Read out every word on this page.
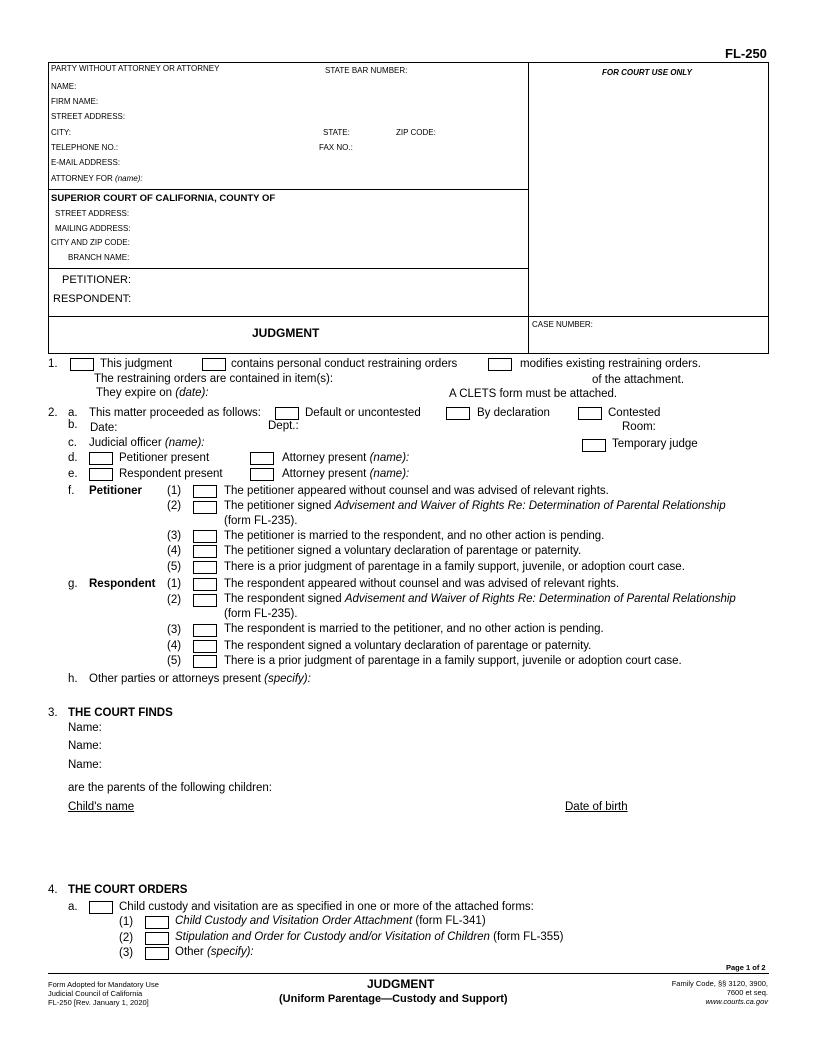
FL-250
PARTY WITHOUT ATTORNEY OR ATTORNEY	STATE BAR NUMBER:	FOR COURT USE ONLY
NAME:
FIRM NAME:
STREET ADDRESS:
CITY:	STATE:	ZIP CODE:
TELEPHONE NO.:	FAX NO.:
E-MAIL ADDRESS:
ATTORNEY FOR (name):
SUPERIOR COURT OF CALIFORNIA, COUNTY OF
STREET ADDRESS:
MAILING ADDRESS:
CITY AND ZIP CODE:
BRANCH NAME:
PETITIONER:
RESPONDENT:
JUDGMENT
CASE NUMBER:
1.	This judgment	contains personal conduct restraining orders	modifies existing restraining orders.
The restraining orders are contained in item(s):	of the attachment.
They expire on (date):	A CLETS form must be attached.
2. a. This matter proceeded as follows:	Default or uncontested	By declaration	Contested
b. Date:	Dept.:	Room:
c. Judicial officer (name):	Temporary judge
d.	Petitioner present	Attorney present (name):
e.	Respondent present	Attorney present (name):
f. Petitioner (1)	The petitioner appeared without counsel and was advised of relevant rights.
(2)	The petitioner signed Advisement and Waiver of Rights Re: Determination of Parental Relationship
(form FL-235).
(3)	The petitioner is married to the respondent, and no other action is pending.
(4)	The petitioner signed a voluntary declaration of parentage or paternity.
(5)	There is a prior judgment of parentage in a family support, juvenile, or adoption court case.
g. Respondent (1)	The respondent appeared without counsel and was advised of relevant rights.
(2)	The respondent signed Advisement and Waiver of Rights Re: Determination of Parental Relationship
(form FL-235).
(3)	The respondent is married to the petitioner, and no other action is pending.
(4)	The respondent signed a voluntary declaration of parentage or paternity.
(5)	There is a prior judgment of parentage in a family support, juvenile or adoption court case.
h. Other parties or attorneys present (specify):
3. THE COURT FINDS
Name:
Name:
Name:
are the parents of the following children:
Child's name	Date of birth
4. THE COURT ORDERS
a.	Child custody and visitation are as specified in one or more of the attached forms:
(1)	Child Custody and Visitation Order Attachment (form FL-341)
(2)	Stipulation and Order for Custody and/or Visitation of Children (form FL-355)
(3)	Other (specify):
Page 1 of 2
Form Adopted for Mandatory Use
Judicial Council of California
FL-250 [Rev. January 1, 2020]
JUDGMENT
(Uniform Parentage—Custody and Support)
Family Code, §§ 3120, 3900,
7600 et seq.
www.courts.ca.gov
